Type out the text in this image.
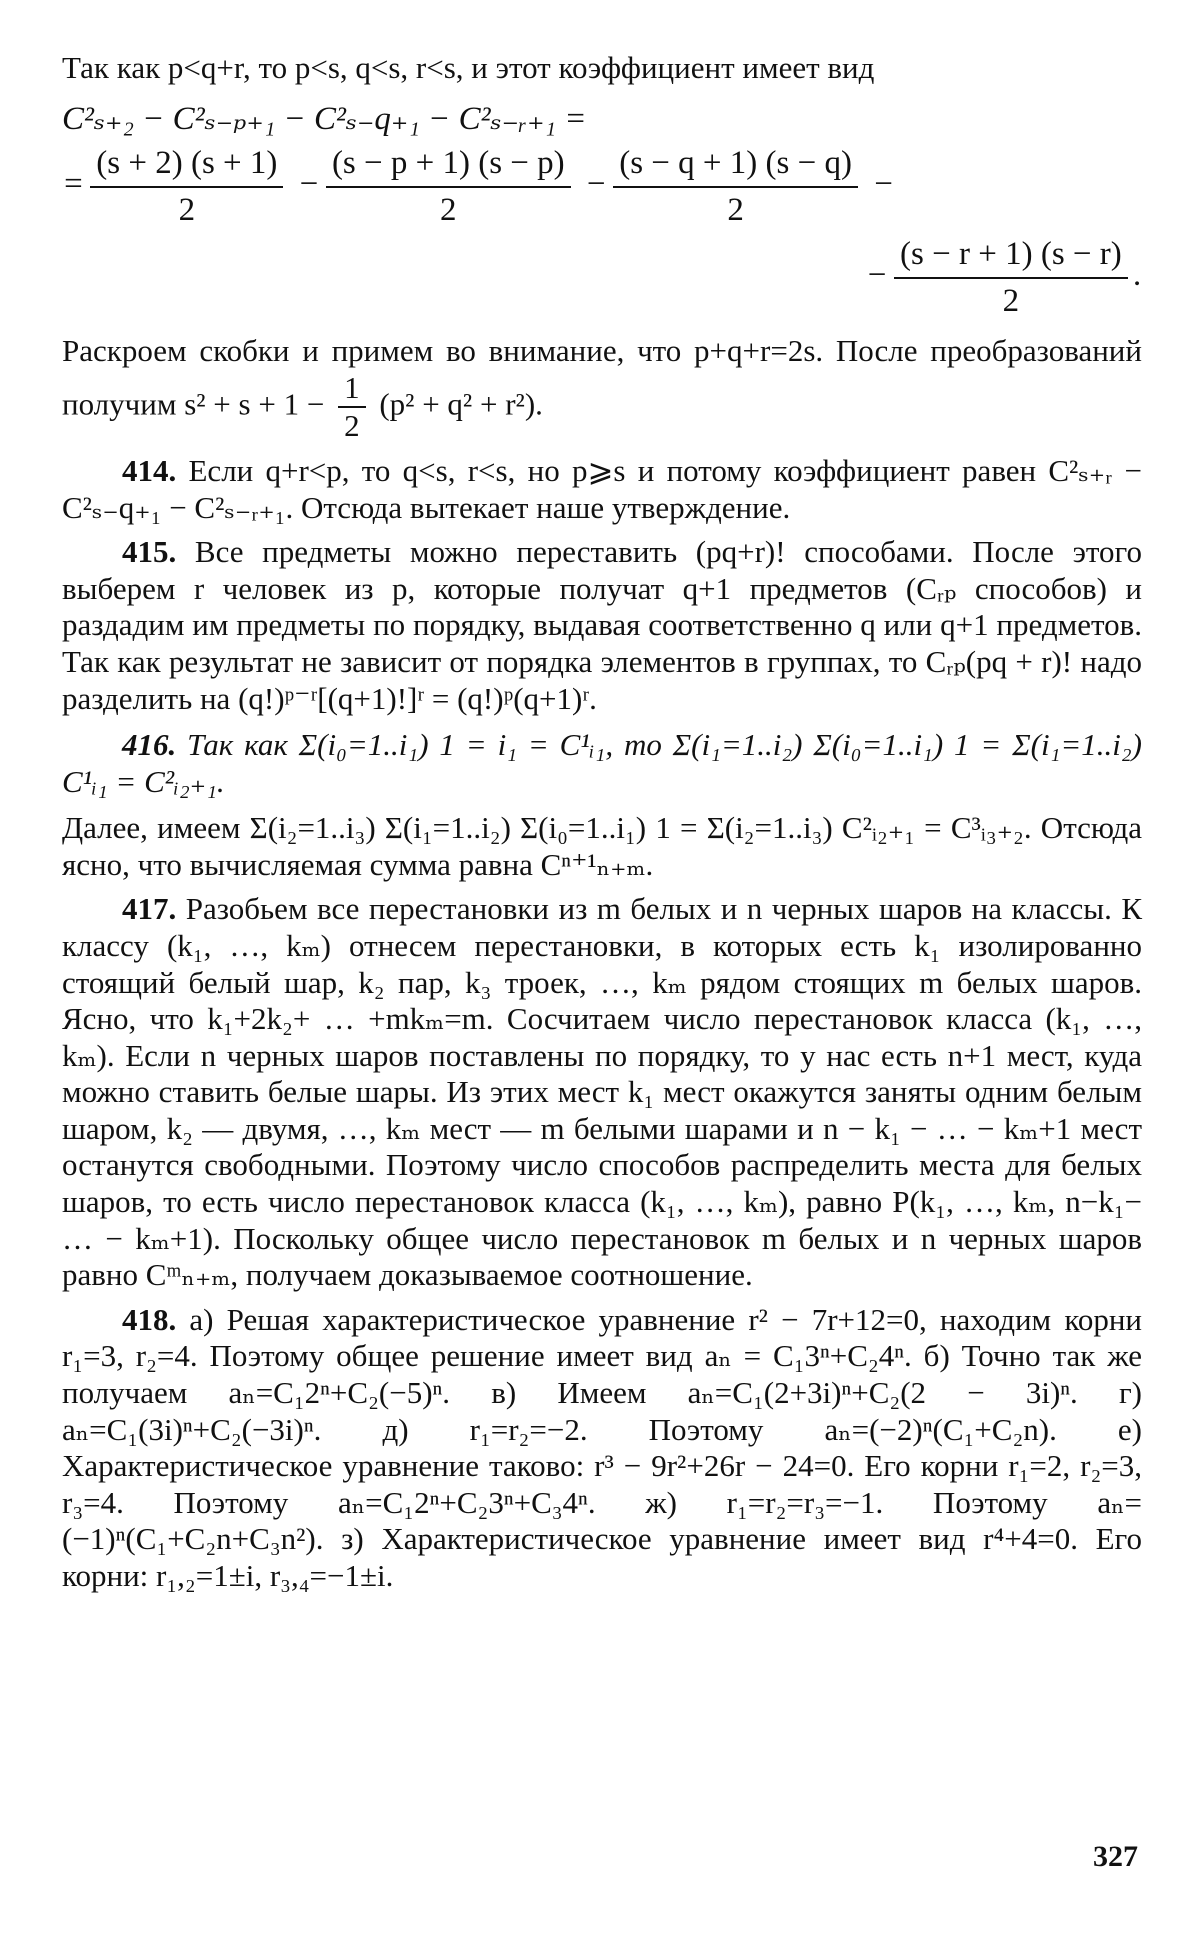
Так как p<q+r, то p<s, q<s, r<s, и этот коэффициент имеет вид

C²ₛ₊₂ − C²ₛ₋ₚ₊₁ − C²ₛ₋q₊₁ − C²ₛ₋ᵣ₊₁ =
= $\frac{(s + 2) (s + 1)}{2} - \frac{(s - p + 1) (s - p)}{2} - \frac{(s - q + 1) (s - q)}{2}$ −
− $\frac{(s - r + 1) (s - r)}{2}$ .

Раскроем скобки и примем во внимание, что p+q+r=2s. После преобразований получим $s^2 + s + 1 - \frac{1}{2} (p^2 + q^2 + r^2)$.

414. Если q+r<p, то q<s, r<s, но p⩾s и потому коэффициент равен C²ₛ₊ᵣ − C²ₛ₋q₊₁ − C²ₛ₋ᵣ₊₁. Отсюда вытекает наше утверждение.

415. Все предметы можно переставить (pq+r)! способами. После этого выберем r человек из p, которые получат q+1 предметов (Cᵣₚ способов) и раздадим им предметы по порядку, выдавая соответственно q или q+1 предметов. Так как результат не зависит от порядка элементов в группах, то Cᵣₚ(pq + r)! надо разделить на (q!)ᵖ⁻ʳ[(q+1)!]ʳ = (q!)ᵖ(q+1)ʳ.

416. Так как Σ(i₀=1..i₁) 1 = i₁ = C¹ᵢ₁, то Σ(i₁=1..i₂) Σ(i₀=1..i₁) 1 = Σ(i₁=1..i₂) C¹ᵢ₁ = C²ᵢ₂₊₁.

Далее, имеем Σ(i₂=1..i₃) Σ(i₁=1..i₂) Σ(i₀=1..i₁) 1 = Σ(i₂=1..i₃) C²ᵢ₂₊₁ = C³ᵢ₃₊₂. Отсюда ясно, что вычисляемая сумма равна Cⁿ⁺¹ₙ₊ₘ.

417. Разобьем все перестановки из m белых и n черных шаров на классы. К классу (k₁, …, kₘ) отнесем перестановки, в которых есть k₁ изолированно стоящий белый шар, k₂ пар, k₃ троек, …, kₘ рядом стоящих m белых шаров. Ясно, что k₁+2k₂+ … +mkₘ=m. Сосчитаем число перестановок класса (k₁, …, kₘ). Если n черных шаров поставлены по порядку, то у нас есть n+1 мест, куда можно ставить белые шары. Из этих мест k₁ мест окажутся заняты одним белым шаром, k₂ — двумя, …, kₘ мест — m белыми шарами и n − k₁ − … − kₘ+1 мест останутся свободными. Поэтому число способов распределить места для белых шаров, то есть число перестановок класса (k₁, …, kₘ), равно P(k₁, …, kₘ, n−k₁− … − kₘ+1). Поскольку общее число перестановок m белых и n черных шаров равно Cᵐₙ₊ₘ, получаем доказываемое соотношение.

418. а) Решая характеристическое уравнение r² − 7r+12=0, находим корни r₁=3, r₂=4. Поэтому общее решение имеет вид aₙ = C₁3ⁿ+C₂4ⁿ. б) Точно так же получаем aₙ=C₁2ⁿ+C₂(−5)ⁿ. в) Имеем aₙ=C₁(2+3i)ⁿ+C₂(2 − 3i)ⁿ. г) aₙ=C₁(3i)ⁿ+C₂(−3i)ⁿ. д) r₁=r₂=−2. Поэтому aₙ=(−2)ⁿ(C₁+C₂n). е) Характеристическое уравнение таково: r³ − 9r²+26r − 24=0. Его корни r₁=2, r₂=3, r₃=4. Поэтому aₙ=C₁2ⁿ+C₂3ⁿ+C₃4ⁿ. ж) r₁=r₂=r₃=−1. Поэтому aₙ=(−1)ⁿ(C₁+C₂n+C₃n²). з) Характеристическое уравнение имеет вид r⁴+4=0. Его корни: r₁,₂=1±i, r₃,₄=−1±i.

327
